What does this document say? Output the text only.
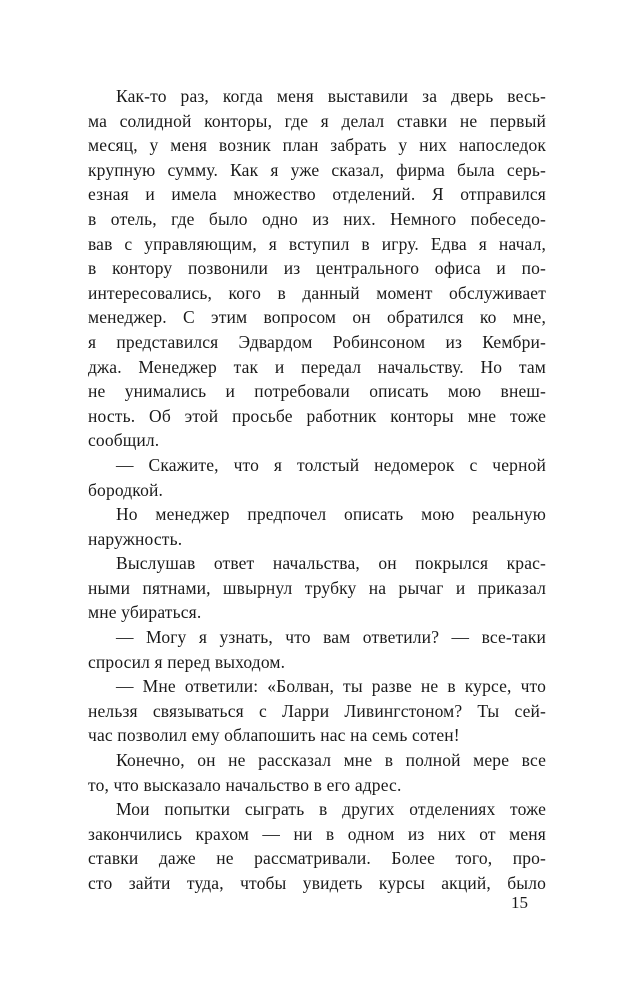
Как-то раз, когда меня выставили за дверь весь-
ма солидной конторы, где я делал ставки не первый
месяц, у меня возник план забрать у них напоследок
крупную сумму. Как я уже сказал, фирма была серь-
езная и имела множество отделений. Я отправился
в отель, где было одно из них. Немного побеседо-
вав с управляющим, я вступил в игру. Едва я начал,
в контору позвонили из центрального офиса и по-
интересовались, кого в данный момент обслуживает
менеджер. С этим вопросом он обратился ко мне,
я представился Эдвардом Робинсоном из Кембри-
джа. Менеджер так и передал начальству. Но там
не унимались и потребовали описать мою внеш-
ность. Об этой просьбе работник конторы мне тоже
сообщил.
— Скажите, что я толстый недомерок с черной
бородкой.
Но менеджер предпочел описать мою реальную
наружность.
Выслушав ответ начальства, он покрылся крас-
ными пятнами, швырнул трубку на рычаг и приказал
мне убираться.
— Могу я узнать, что вам ответили? — все-таки
спросил я перед выходом.
— Мне ответили: «Болван, ты разве не в курсе, что
нельзя связываться с Ларри Ливингстоном? Ты сей-
час позволил ему облапошить нас на семь сотен!
Конечно, он не рассказал мне в полной мере все
то, что высказало начальство в его адрес.
Мои попытки сыграть в других отделениях тоже
закончились крахом — ни в одном из них от меня
ставки даже не рассматривали. Более того, про-
сто зайти туда, чтобы увидеть курсы акций, было
15
